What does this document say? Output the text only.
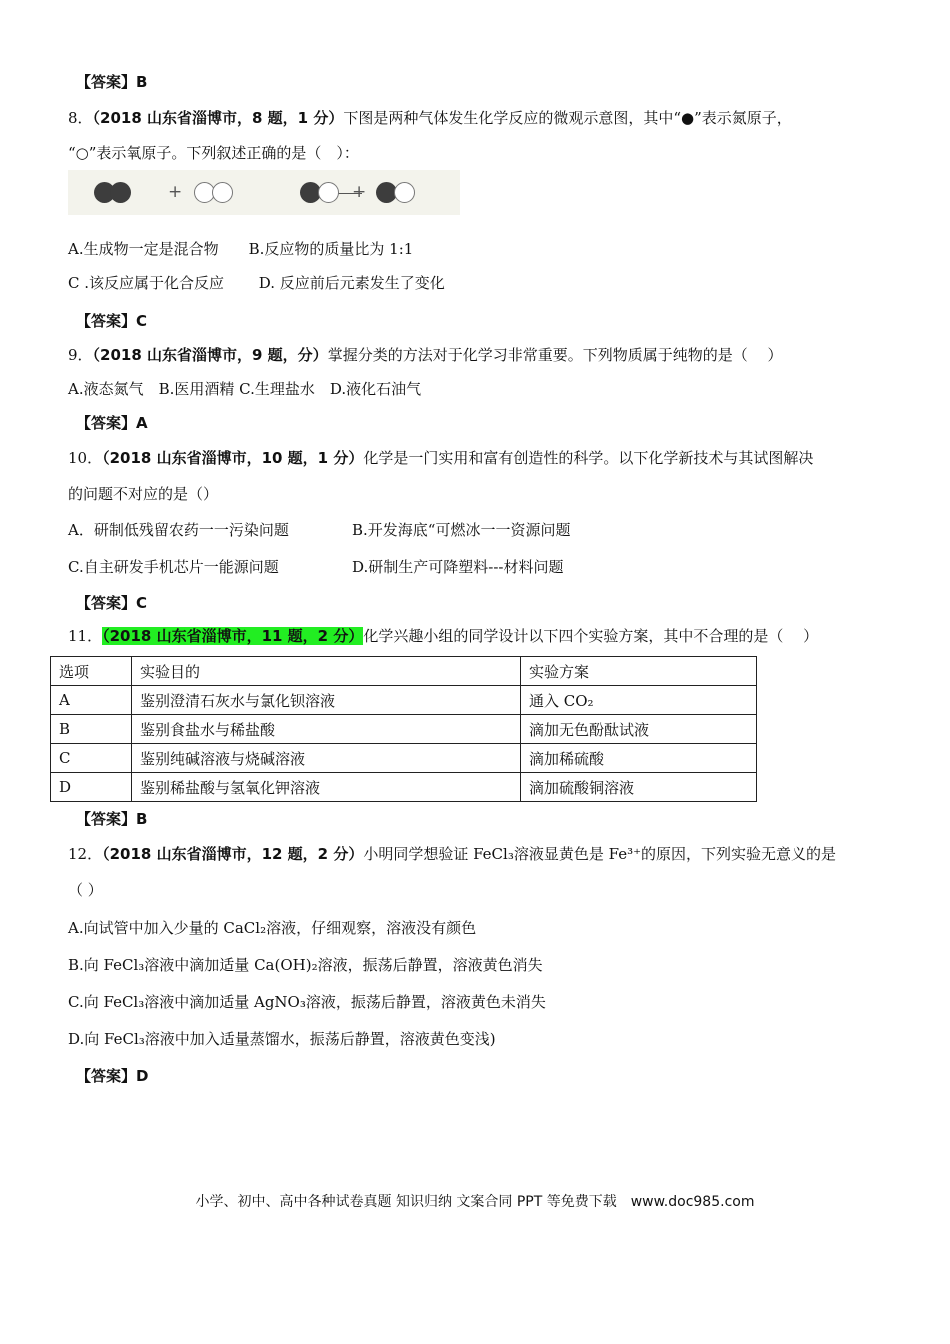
【答案】B
8．（2018 山东省淄博市，8 题，1 分）下图是两种气体发生化学反应的微观示意图，其中“●”表示氮原子，
“○”表示氧原子。下列叙述正确的是（　）：
+	+
A.生成物一定是混合物　　B.反应物的质量比为 1:1
C .该反应属于化合反应　　 D. 反应前后元素发生了变化
【答案】C
9．（2018 山东省淄博市，9 题，分）掌握分类的方法对于化学习非常重要。下列物质属于纯物的是（　 ）
A.液态氮气　B.医用酒精 C.生理盐水　D.液化石油气
【答案】A
10．（2018 山东省淄博市，10 题，1 分）化学是一门实用和富有创造性的科学。以下化学新技术与其试图解决
的问题不对应的是（）
A．研制低残留农药一一污染问题	B.开发海底“可燃冰一一资源问题
C.自主研发手机芯片一能源问题	D.研制生产可降塑料---材料问题
【答案】C
11．（2018 山东省淄博市，11 题，2 分）化学兴趣小组的同学设计以下四个实验方案，其中不合理的是（　 ）
选项	实验目的	实验方案
A	鉴别澄清石灰水与氯化钡溶液	通入 CO₂
B	鉴别食盐水与稀盐酸	滴加无色酚酞试液
C	鉴别纯碱溶液与烧碱溶液	滴加稀硫酸
D	鉴别稀盐酸与氢氧化钾溶液	滴加硫酸铜溶液
【答案】B
12．（2018 山东省淄博市，12 题，2 分）小明同学想验证 FeCl₃溶液显黄色是 Fe³⁺的原因，下列实验无意义的是
（ ）
A.向试管中加入少量的 CaCl₂溶液，仔细观察，溶液没有颜色
B.向 FeCl₃溶液中滴加适量 Ca(OH)₂溶液，振荡后静置，溶液黄色消失
C.向 FeCl₃溶液中滴加适量 AgNO₃溶液，振荡后静置，溶液黄色未消失
D.向 FeCl₃溶液中加入适量蒸馏水，振荡后静置，溶液黄色变浅)
【答案】D
小学、初中、高中各种试卷真题 知识归纳 文案合同 PPT 等免费下载　www.doc985.com
